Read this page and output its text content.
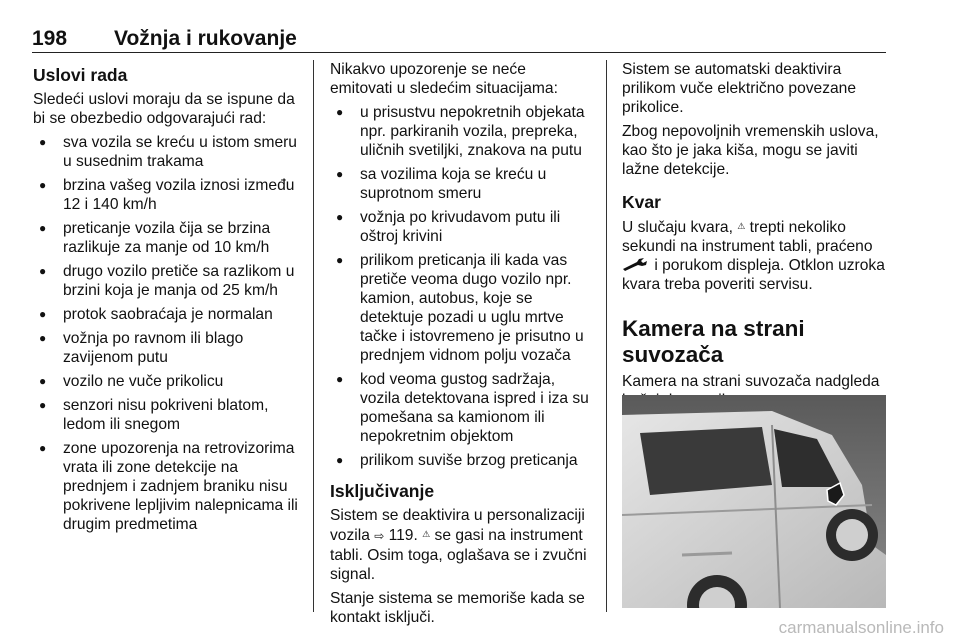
198 Vožnja i rukovanje
Uslovi rada

Sledeći uslovi moraju da se ispune da bi se obezbedio odgovarajući rad:

● sva vozila se kreću u istom smeru u susednim trakama
● brzina vašeg vozila iznosi između 12 i 140 km/h
● preticanje vozila čija se brzina razlikuje za manje od 10 km/h
● drugo vozilo pretiče sa razlikom u brzini koja je manja od 25 km/h
● protok saobraćaja je normalan
● vožnja po ravnom ili blago zavijenom putu
● vozilo ne vuče prikolicu
● senzori nisu pokriveni blatom, ledom ili snegom
● zone upozorenja na retrovizorima vrata ili zone detekcije na prednjem i zadnjem braniku nisu pokrivene lepljivim nalepnicama ili drugim predmetima

Nikakvo upozorenje se neće emitovati u sledećim situacijama:

● u prisustvu nepokretnih objekata npr. parkiranih vozila, prepreka, uličnih svetiljki, znakova na putu
● sa vozilima koja se kreću u suprotnom smeru
● vožnja po krivudavom putu ili oštroj krivini
● prilikom preticanja ili kada vas pretiče veoma dugo vozilo npr. kamion, autobus, koje se detektuje pozadi u uglu mrtve tačke i istovremeno je prisutno u prednjem vidnom polju vozača
● kod veoma gustog sadržaja, vozila detektovana ispred i iza su pomešana sa kamionom ili nepokretnim objektom
● prilikom suviše brzog preticanja
Isključivanje

Sistem se deaktivira u personalizaciji vozila ⇨ 119. ⚠ se gasi na instrument tabli. Osim toga, oglašava se i zvučni signal.

Stanje sistema se memoriše kada se kontakt isključi.

Sistem se automatski deaktivira prilikom vuče električno povezane prikolice.

Zbog nepovoljnih vremenskih uslova, kao što je jaka kiša, mogu se javiti lažne detekcije.

Kvar

U slučaju kvara, ⚠ trepti nekoliko sekundi na instrument tabli, praćeno  i porukom displeja. Otklon uzroka kvara treba poveriti servisu.

Kamera na strani suvozača

Kamera na strani suvozača nadgleda

carmanualsonline.info
